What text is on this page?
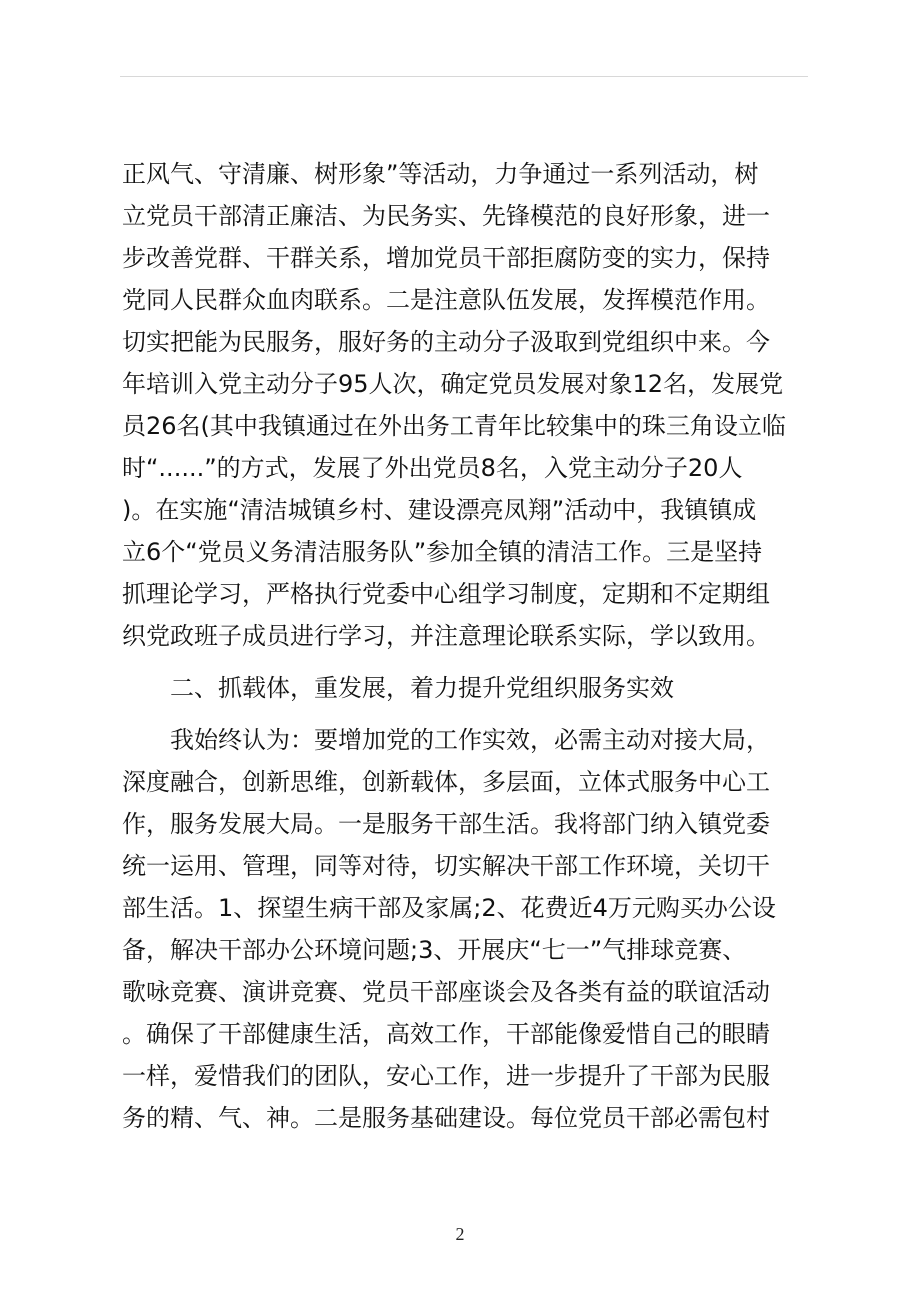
正风气、守清廉、树形象”等活动，力争通过一系列活动，树
立党员干部清正廉洁、为民务实、先锋模范的良好形象，进一
步改善党群、干群关系，增加党员干部拒腐防变的实力，保持
党同人民群众血肉联系。二是注意队伍发展，发挥模范作用。
切实把能为民服务，服好务的主动分子汲取到党组织中来。今
年培训入党主动分子95人次，确定党员发展对象12名，发展党
员26名(其中我镇通过在外出务工青年比较集中的珠三角设立临
时“......”的方式，发展了外出党员8名，入党主动分子20人
)。在实施“清洁城镇乡村、建设漂亮凤翔”活动中，我镇镇成
立6个“党员义务清洁服务队”参加全镇的清洁工作。三是坚持
抓理论学习，严格执行党委中心组学习制度，定期和不定期组
织党政班子成员进行学习，并注意理论联系实际，学以致用。
二、抓载体，重发展，着力提升党组织服务实效
我始终认为：要增加党的工作实效，必需主动对接大局，
深度融合，创新思维，创新载体，多层面，立体式服务中心工
作，服务发展大局。一是服务干部生活。我将部门纳入镇党委
统一运用、管理，同等对待，切实解决干部工作环境，关切干
部生活。1、探望生病干部及家属;2、花费近4万元购买办公设
备，解决干部办公环境问题;3、开展庆“七一”气排球竞赛、
歌咏竞赛、演讲竞赛、党员干部座谈会及各类有益的联谊活动
。确保了干部健康生活，高效工作，干部能像爱惜自己的眼睛
一样，爱惜我们的团队，安心工作，进一步提升了干部为民服
务的精、气、神。二是服务基础建设。每位党员干部必需包村
2
